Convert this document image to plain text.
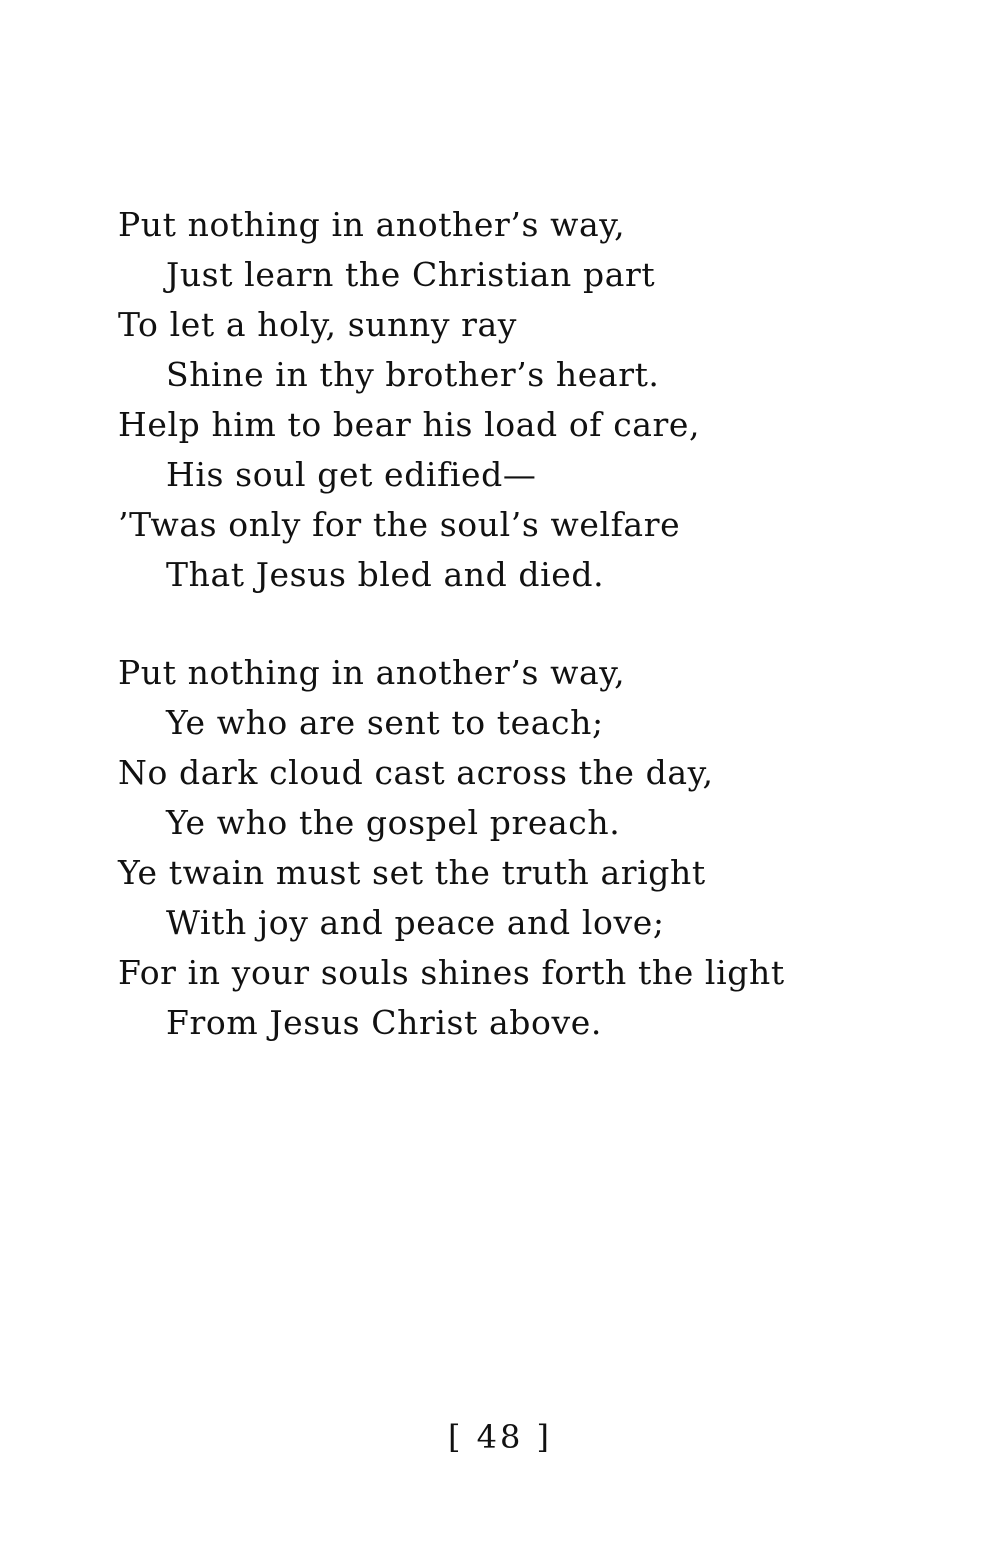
Put nothing in another’s way,
Just learn the Christian part
To let a holy, sunny ray
Shine in thy brother’s heart.
Help him to bear his load of care,
His soul get edified—
’Twas only for the soul’s welfare
That Jesus bled and died.
Put nothing in another’s way,
Ye who are sent to teach;
No dark cloud cast across the day,
Ye who the gospel preach.
Ye twain must set the truth aright
With joy and peace and love;
For in your souls shines forth the light
From Jesus Christ above.
[ 48 ]
